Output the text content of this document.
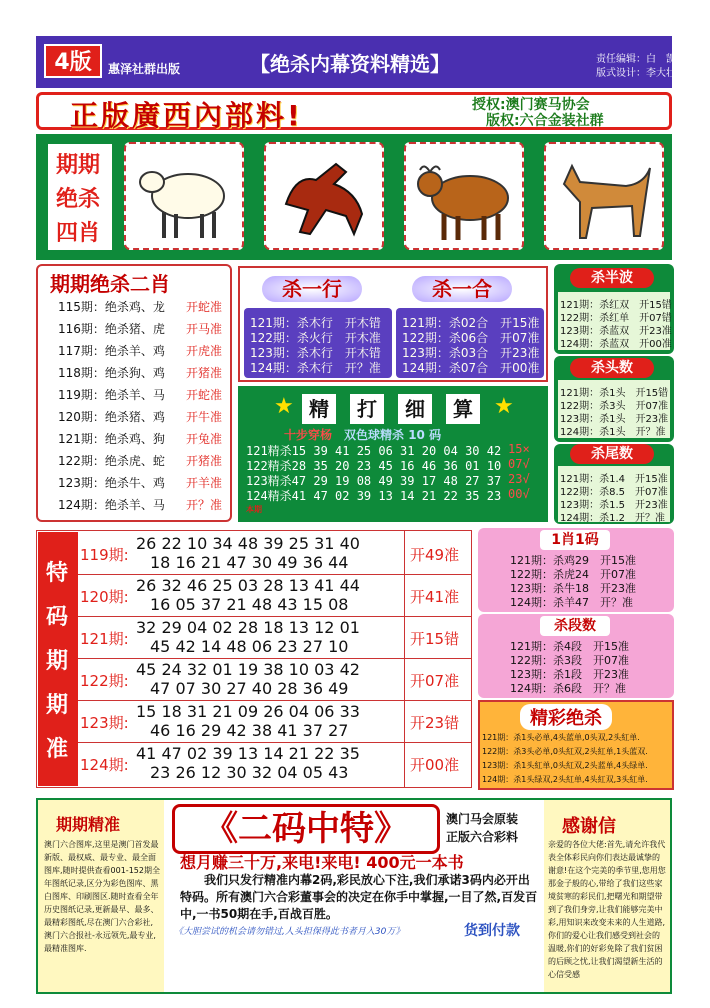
4版	惠泽社群出版	【绝杀内幕资料精选】	责任编辑：白　凯
版式设计：李大壮
正版廣西內部料!	授权:澳门赛马协会
版权:六合金装社群
期期
绝杀
四肖
期期绝杀二肖
115期：绝杀鸡、龙	开蛇准
116期：绝杀猪、虎	开马准
117期：绝杀羊、鸡	开虎准
118期：绝杀狗、鸡	开猪准
119期：绝杀羊、马	开蛇准
120期：绝杀猪、鸡	开牛准
121期：绝杀鸡、狗	开兔准
122期：绝杀虎、蛇	开猪准
123期：绝杀牛、鸡	开羊准
124期：绝杀羊、马	开？准
杀一行	杀一合
121期：杀木行　开木错
122期：杀火行　开木准
123期：杀木行　开木错
124期：杀木行　开？准
121期：杀02合　开15准
122期：杀06合　开07准
123期：杀03合　开23准
124期：杀07合　开00准
★	★
精	打	细	算
十步穿杨　 双色球精杀 10 码
121精杀15 39 41 25 06 31 20 04 30 42 15×
122精杀28 35 20 23 45 16 46 36 01 10 07√
123精杀47 29 19 08 49 39 17 48 27 37 23√
124精杀41 47 02 39 13 14 21 22 35 23 00√
本期
杀半波
杀头数
杀尾数
121期：杀红双　开15错
122期：杀红单　开07错
123期：杀蓝双　开23准
124期：杀蓝双　开00准
121期：杀1头　开15错
122期：杀3头　开07准
123期：杀1头　开23准
124期：杀1头　开？准
121期：杀1.4　开15准
122期：杀8.5　开07准
123期：杀1.5　开23准
124期：杀1.2　开？准
特
码
期
期
准
119期:
26 22 10 34 48 39 25 31 40
18 16 21 47 30 49 36 44	开49准
120期:
26 32 46 25 03 28 13 41 44
16 05 37 21 48 43 15 08	开41准
121期:
32 29 04 02 28 18 13 12 01
45 42 14 48 06 23 27 10	开15错
122期:
45 24 32 01 19 38 10 03 42
47 07 30 27 40 28 36 49	开07准
123期:
15 18 31 21 09 26 04 06 33
46 16 29 42 38 41 37 27	开23错
124期:
41 47 02 39 13 14 21 22 35
23 26 12 30 32 04 05 43	开00准
1肖1码
杀段数
121期：杀鸡29　开15准
122期：杀虎24　开07准
123期：杀牛18　开23准
124期：杀羊47　开？准
121期：杀4段　开15准
122期：杀3段　开07准
123期：杀1段　开23准
124期：杀6段　开？准
精彩绝杀
121期：杀1头必单,4头蓝单,0头双,2头紅单.
122期：杀3头必单,0头紅双,2头紅单,1头蓝双.
123期：杀1头紅单,0头紅双,2头蓝单,4头绿单.
124期：杀1头绿双,2头紅单,4头紅双,3头紅单.
期期精准
澳门六合图库,这里是澳门首发最新版、最权威、最专业、最全面图库,随时提供查看001-152期全年图纸记录,区分为彩色图库、黑白图库、印刷图区.随时查看全年历史图纸记录,更新最早、最多、最精彩图纸,尽在澳门六合彩社,澳门六合报社-永远领先,最专业,最精准图库.
《二码中特》	澳门马会原装
正版六合彩料
想月赚三十万,来电!来电! 400元一本书
我们只发行精准内幕2码,彩民放心下注,我们承诺3码内必开出特码。所有澳门六合彩董事会的决定在你手中掌握,一目了然,百发百中,一书50期在手,百战百胜。
《大胆尝试的机会请勿错过,人头担保得此书者月入30万》	货到付款
感谢信
亲爱的各位大佬:首先,请允许我代表全体彩民向你们表达最诚挚的谢意!在这个完美的季节里,您用您那金子般的心,带给了我们这些家境贫寒的彩民们,把曙光和期望带到了我们身旁,让我们能够完美中彩,用知识来改变未来的人生道路,你们的爱心让我们感受到社会的温暖,你们的好彩免除了我们贫困的后顾之忧,让我们渴望新生活的心信受感
